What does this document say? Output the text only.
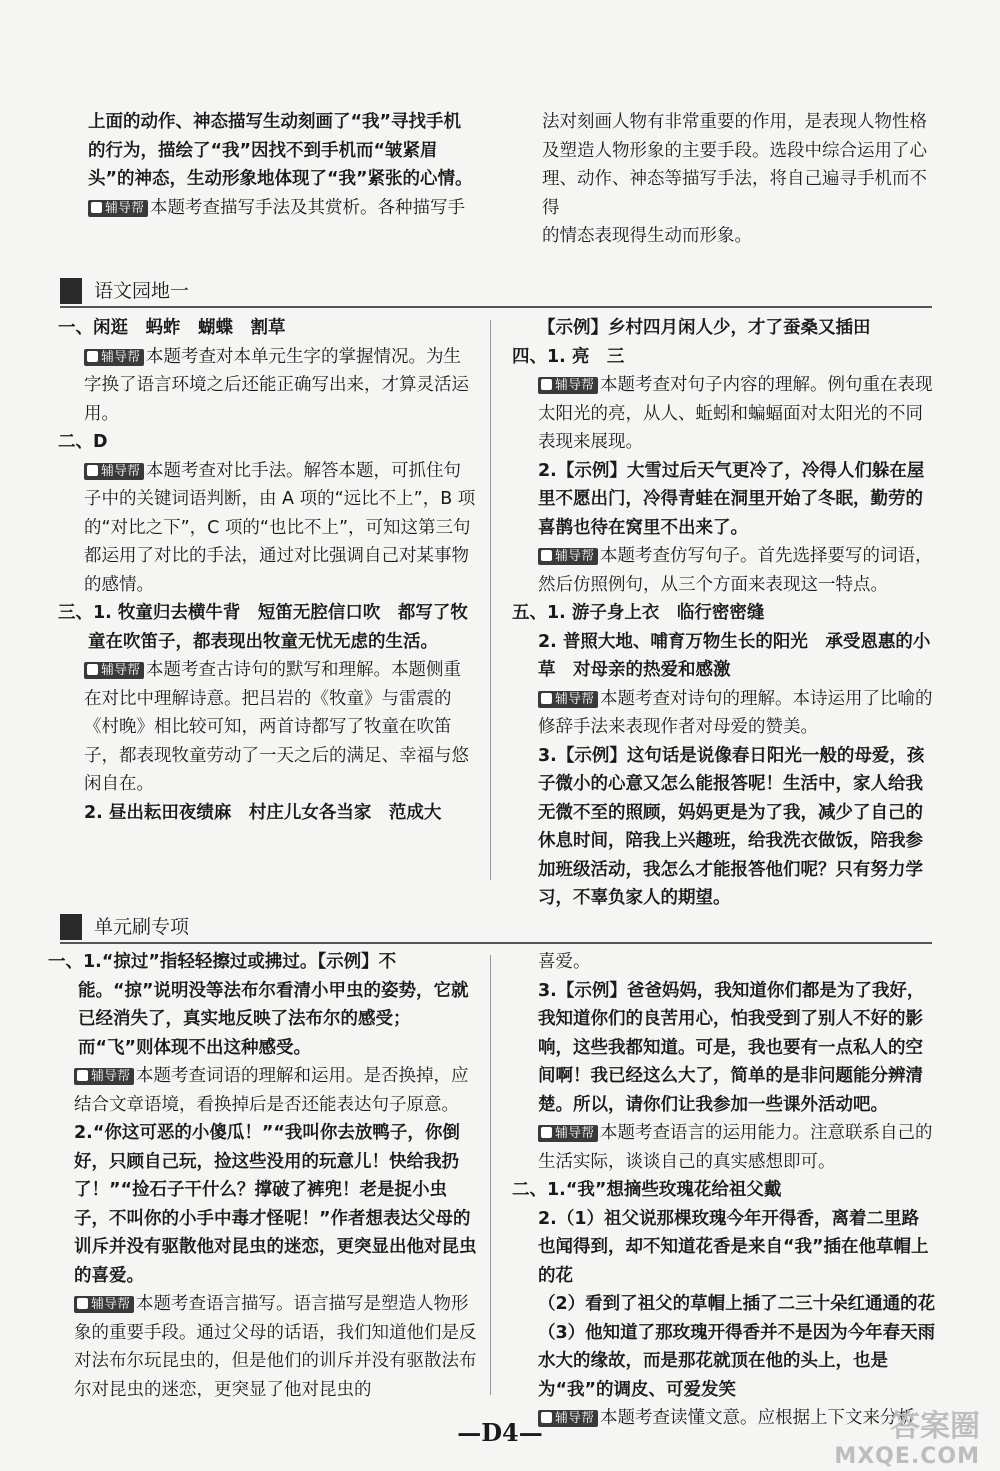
上面的动作、神态描写生动刻画了“我”寻找手机
的行为，描绘了“我”因找不到手机而“皱紧眉
头”的神态，生动形象地体现了“我”紧张的心情。
辅导帮 本题考查描写手法及其赏析。各种描写手
法对刻画人物有非常重要的作用，是表现人物性格
及塑造人物形象的主要手段。选段中综合运用了心
理、动作、神态等描写手法，将自己遍寻手机而不得
的情态表现得生动而形象。
语文园地一
一、闲逛　蚂蚱　蝴蝶　割草
辅导帮 本题考查对本单元生字的掌握情况。为生字换了语言环境之后还能正确写出来，才算灵活运用。
二、D
辅导帮 本题考查对比手法。解答本题，可抓住句子中的关键词语判断，由 A 项的“远比不上”，B 项的“对比之下”，C 项的“也比不上”，可知这第三句都运用了对比的手法，通过对比强调自己对某事物的感情。
三、1. 牧童归去横牛背　短笛无腔信口吹　都写了牧童在吹笛子，都表现出牧童无忧无虑的生活。
辅导帮 本题考查古诗句的默写和理解。本题侧重在对比中理解诗意。把吕岩的《牧童》与雷震的《村晚》相比较可知，两首诗都写了牧童在吹笛子，都表现牧童劳动了一天之后的满足、幸福与悠闲自在。
2. 昼出耘田夜绩麻　村庄儿女各当家　范成大
【示例】乡村四月闲人少，才了蚕桑又插田
四、1. 亮　三
辅导帮 本题考查对句子内容的理解。例句重在表现太阳光的亮，从人、蚯蚓和蝙蝠面对太阳光的不同表现来展现。
2.【示例】大雪过后天气更冷了，冷得人们躲在屋里不愿出门，冷得青蛙在洞里开始了冬眠，勤劳的喜鹊也待在窝里不出来了。
辅导帮 本题考查仿写句子。首先选择要写的词语，然后仿照例句，从三个方面来表现这一特点。
五、1. 游子身上衣　临行密密缝
2. 普照大地、哺育万物生长的阳光　承受恩惠的小草　对母亲的热爱和感激
辅导帮 本题考查对诗句的理解。本诗运用了比喻的修辞手法来表现作者对母爱的赞美。
3.【示例】这句话是说像春日阳光一般的母爱，孩子微小的心意又怎么能报答呢！生活中，家人给我无微不至的照顾，妈妈更是为了我，减少了自己的休息时间，陪我上兴趣班，给我洗衣做饭，陪我参加班级活动，我怎么才能报答他们呢？只有努力学习，不辜负家人的期望。
单元刷专项
一、1.“掠过”指轻轻擦过或拂过。【示例】不能。“掠”说明没等法布尔看清小甲虫的姿势，它就已经消失了，真实地反映了法布尔的感受；而“飞”则体现不出这种感受。
辅导帮 本题考查词语的理解和运用。是否换掉，应结合文章语境，看换掉后是否还能表达句子原意。
2.“你这可恶的小傻瓜！”“我叫你去放鸭子，你倒好，只顾自己玩，捡这些没用的玩意儿！快给我扔了！”“捡石子干什么？撑破了裤兜！老是捉小虫子，不叫你的小手中毒才怪呢！”作者想表达父母的训斥并没有驱散他对昆虫的迷恋，更突显出他对昆虫的喜爱。
辅导帮 本题考查语言描写。语言描写是塑造人物形象的重要手段。通过父母的话语，我们知道他们是反对法布尔玩昆虫的，但是他们的训斥并没有驱散法布尔对昆虫的迷恋，更突显了他对昆虫的
喜爱。
3.【示例】爸爸妈妈，我知道你们都是为了我好，我知道你们的良苦用心，怕我受到了别人不好的影响，这些我都知道。可是，我也要有一点私人的空间啊！我已经这么大了，简单的是非问题能分辨清楚。所以，请你们让我参加一些课外活动吧。
辅导帮 本题考查语言的运用能力。注意联系自己的生活实际，谈谈自己的真实感想即可。
二、1.“我”想摘些玫瑰花给祖父戴
2.（1）祖父说那棵玫瑰今年开得香，离着二里路也闻得到，却不知道花香是来自“我”插在他草帽上的花
（2）看到了祖父的草帽上插了二三十朵红通通的花
（3）他知道了那玫瑰开得香并不是因为今年春天雨水大的缘故，而是那花就顶在他的头上，也是为“我”的调皮、可爱发笑
辅导帮 本题考查读懂文意。应根据上下文来分析
—D4—	答案圈
MXQE.COM
